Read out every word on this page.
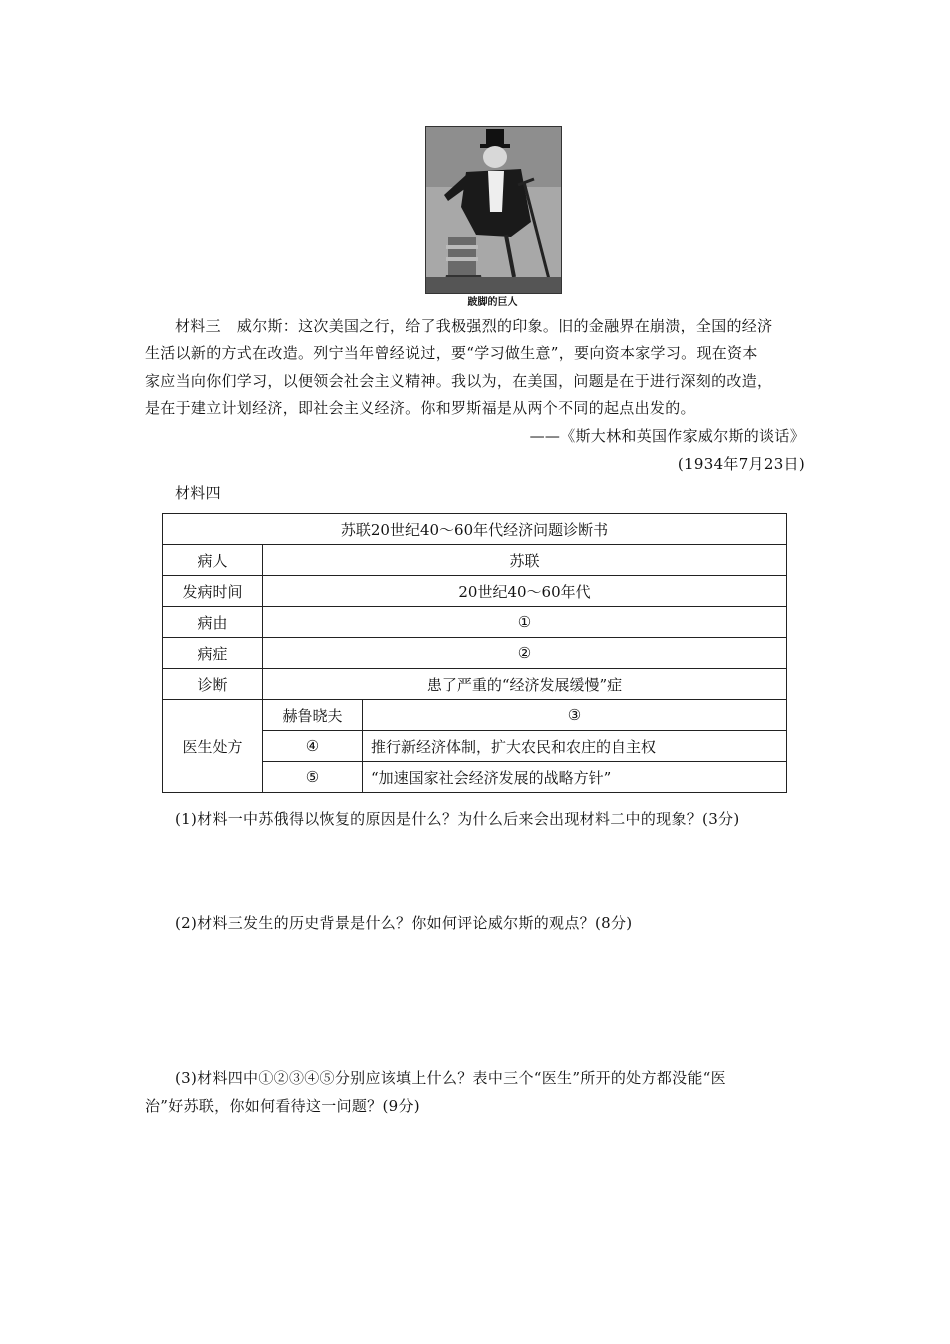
跛脚的巨人
材料三 威尔斯：这次美国之行，给了我极强烈的印象。旧的金融界在崩溃，全国的经济
生活以新的方式在改造。列宁当年曾经说过，要“学习做生意”，要向资本家学习。现在资本
家应当向你们学习，以便领会社会主义精神。我以为，在美国，问题是在于进行深刻的改造，
是在于建立计划经济，即社会主义经济。你和罗斯福是从两个不同的起点出发的。
——《斯大林和英国作家威尔斯的谈话》
(1934年7月23日)
材料四
苏联20世纪40～60年代经济问题诊断书		
病人	苏联	
发病时间	20世纪40～60年代	
病由	①	
病症	②	
诊断	患了严重的“经济发展缓慢”症	
医生处方	赫鲁晓夫	③
	④	推行新经济体制，扩大农民和农庄的自主权
	⑤	“加速国家社会经济发展的战略方针”
(1)材料一中苏俄得以恢复的原因是什么？为什么后来会出现材料二中的现象？(3分)
(2)材料三发生的历史背景是什么？你如何评论威尔斯的观点？(8分)
(3)材料四中①②③④⑤分别应该填上什么？表中三个“医生”所开的处方都没能“医
治”好苏联，你如何看待这一问题？(9分)
